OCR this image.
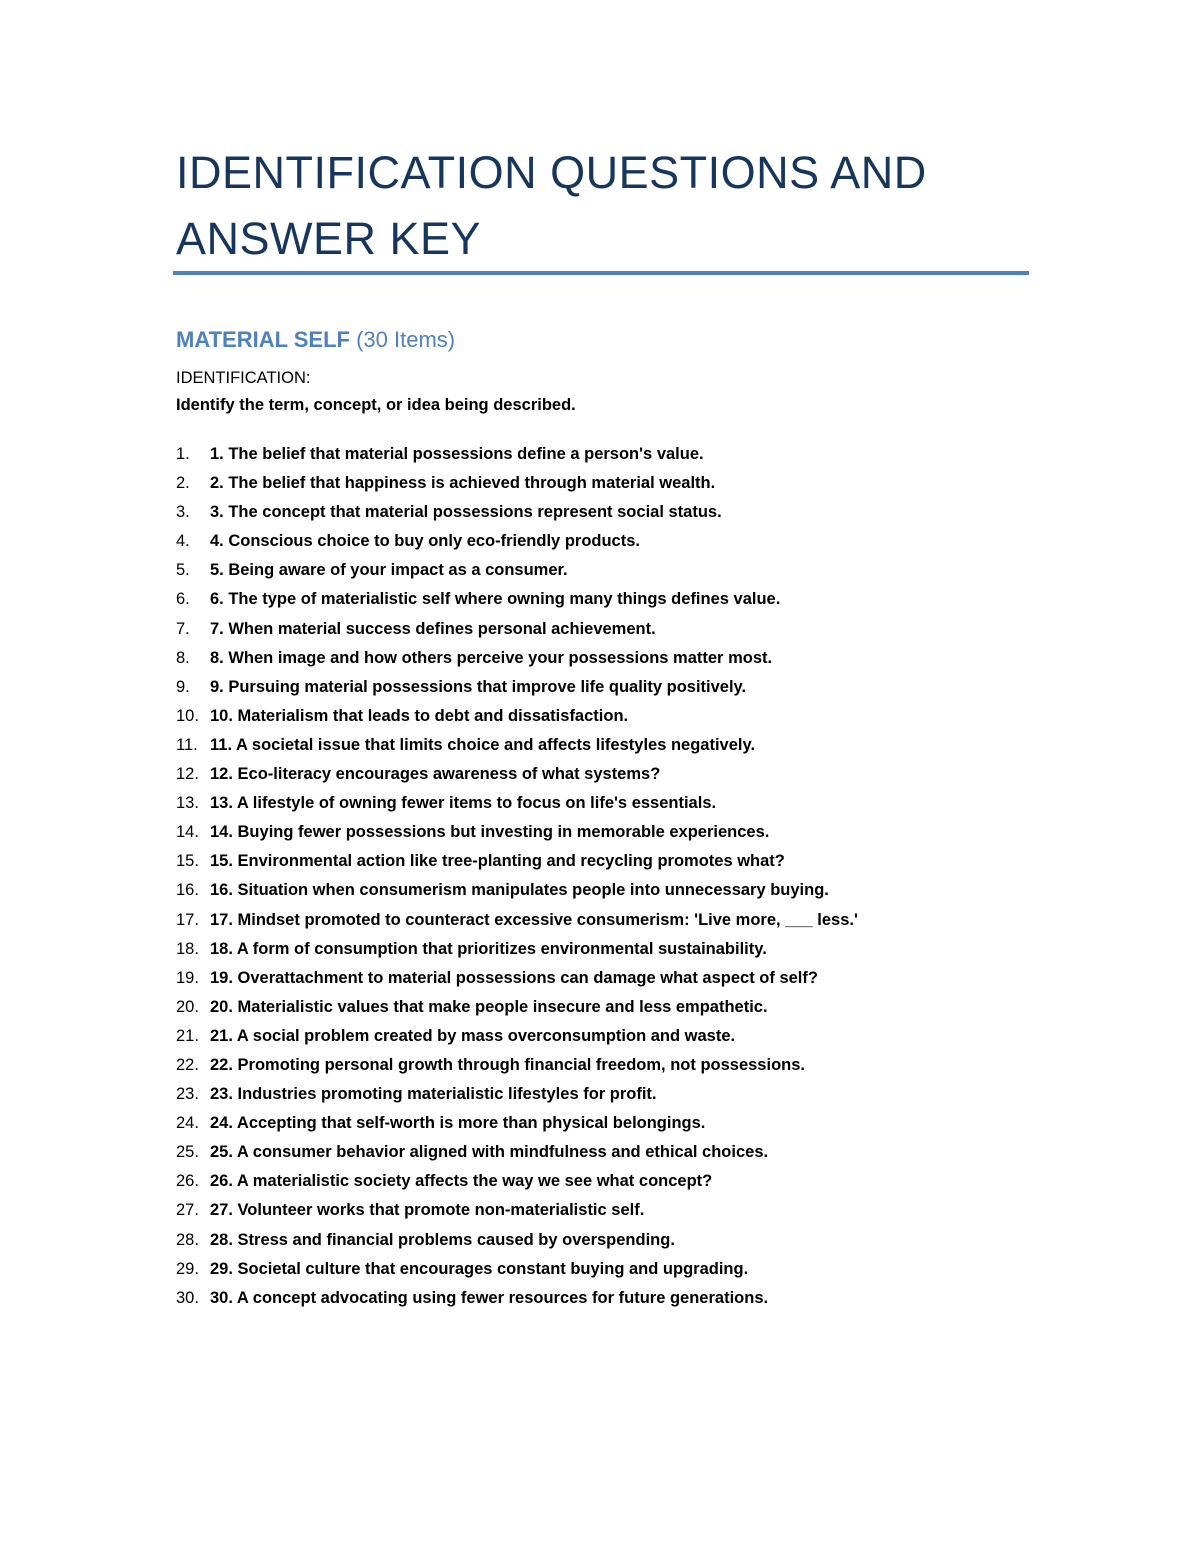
IDENTIFICATION QUESTIONS AND ANSWER KEY
MATERIAL SELF (30 Items)

IDENTIFICATION:

Identify the term, concept, or idea being described.

1.	1. The belief that material possessions define a person's value.
2.	2. The belief that happiness is achieved through material wealth.
3.	3. The concept that material possessions represent social status.
4.	4. Conscious choice to buy only eco-friendly products.
5.	5. Being aware of your impact as a consumer.
6.	6. The type of materialistic self where owning many things defines value.
7.	7. When material success defines personal achievement.
8.	8. When image and how others perceive your possessions matter most.
9.	9. Pursuing material possessions that improve life quality positively.
10. 10. Materialism that leads to debt and dissatisfaction.
11. 11. A societal issue that limits choice and affects lifestyles negatively.
12. 12. Eco-literacy encourages awareness of what systems?
13. 13. A lifestyle of owning fewer items to focus on life's essentials.
14. 14. Buying fewer possessions but investing in memorable experiences.
15. 15. Environmental action like tree-planting and recycling promotes what?
16. 16. Situation when consumerism manipulates people into unnecessary buying.
17. 17. Mindset promoted to counteract excessive consumerism: 'Live more, ___ less.'
18. 18. A form of consumption that prioritizes environmental sustainability.
19. 19. Overattachment to material possessions can damage what aspect of self?
20. 20. Materialistic values that make people insecure and less empathetic.
21. 21. A social problem created by mass overconsumption and waste.
22. 22. Promoting personal growth through financial freedom, not possessions.
23. 23. Industries promoting materialistic lifestyles for profit.
24. 24. Accepting that self-worth is more than physical belongings.
25. 25. A consumer behavior aligned with mindfulness and ethical choices.
26. 26. A materialistic society affects the way we see what concept?
27. 27. Volunteer works that promote non-materialistic self.
28. 28. Stress and financial problems caused by overspending.
29. 29. Societal culture that encourages constant buying and upgrading.
30. 30. A concept advocating using fewer resources for future generations.
